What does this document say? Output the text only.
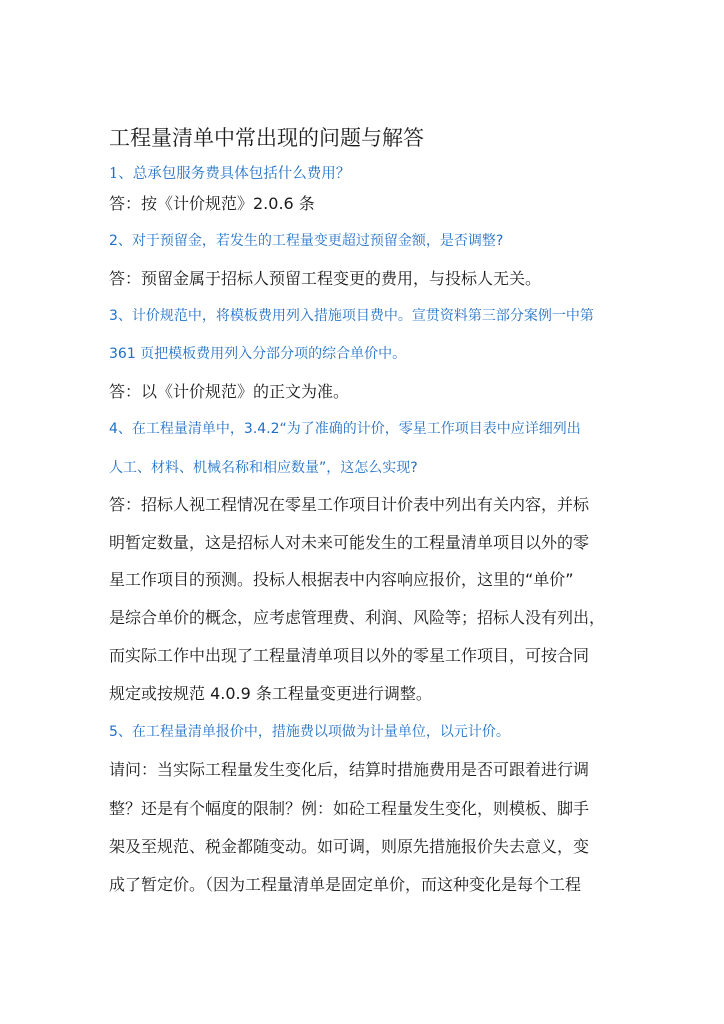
工程量清单中常出现的问题与解答
1、总承包服务费具体包括什么费用？
答：按《计价规范》2.0.6 条
2、对于预留金，若发生的工程量变更超过预留金额，是否调整?
答：预留金属于招标人预留工程变更的费用，与投标人无关。
3、计价规范中，将模板费用列入措施项目费中。宣贯资料第三部分案例一中第
361 页把模板费用列入分部分项的综合单价中。
答：以《计价规范》的正文为准。
4、在工程量清单中，3.4.2“为了准确的计价，零星工作项目表中应详细列出
人工、材料、机械名称和相应数量”，这怎么实现?
答：招标人视工程情况在零星工作项目计价表中列出有关内容，并标
明暂定数量，这是招标人对未来可能发生的工程量清单项目以外的零
星工作项目的预测。投标人根据表中内容响应报价，这里的“单价”
是综合单价的概念，应考虑管理费、利润、风险等；招标人没有列出，
而实际工作中出现了工程量清单项目以外的零星工作项目，可按合同
规定或按规范 4.0.9 条工程量变更进行调整。
5、在工程量清单报价中，措施费以项做为计量单位，以元计价。
请问：当实际工程量发生变化后，结算时措施费用是否可跟着进行调
整？还是有个幅度的限制？例：如砼工程量发生变化，则模板、脚手
架及至规范、税金都随变动。如可调，则原先措施报价失去意义，变
成了暂定价。（因为工程量清单是固定单价，而这种变化是每个工程
